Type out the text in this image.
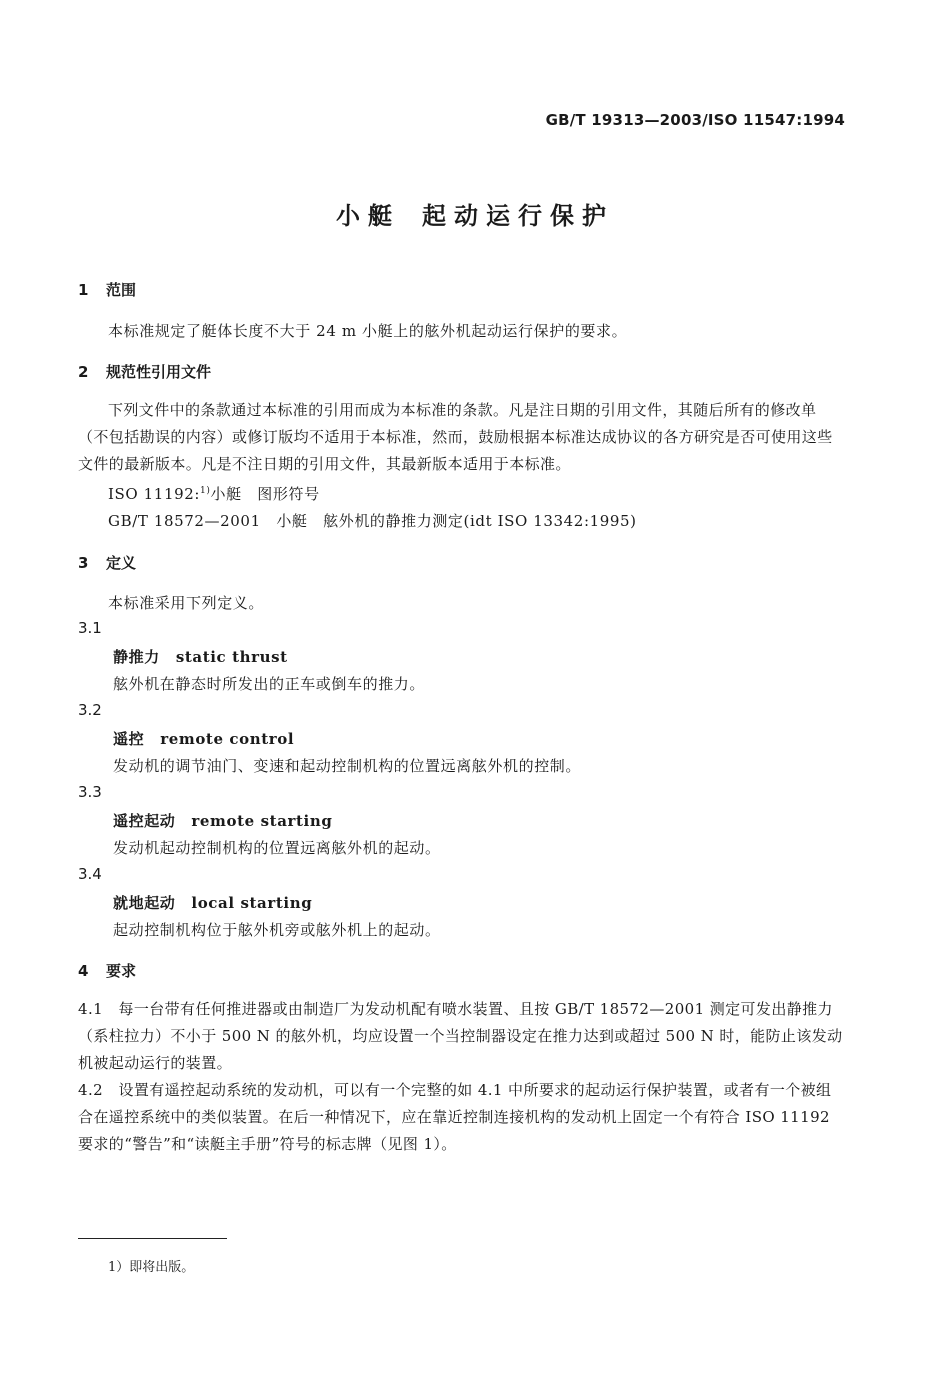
GB/T 19313—2003/ISO 11547:1994
小艇 起动运行保护
1 范围
本标准规定了艇体长度不大于 24 m 小艇上的舷外机起动运行保护的要求。
2 规范性引用文件
下列文件中的条款通过本标准的引用而成为本标准的条款。凡是注日期的引用文件，其随后所有的修改单（不包括勘误的内容）或修订版均不适用于本标准，然而，鼓励根据本标准达成协议的各方研究是否可使用这些文件的最新版本。凡是不注日期的引用文件，其最新版本适用于本标准。
ISO 11192:$^{1)}$小艇　图形符号
GB/T 18572—2001　小艇　舷外机的静推力测定(idt ISO 13342:1995)
3 定义
本标准采用下列定义。
3.1
静推力 static thrust
舷外机在静态时所发出的正车或倒车的推力。
3.2
遥控 remote control
发动机的调节油门、变速和起动控制机构的位置远离舷外机的控制。
3.3
遥控起动 remote starting
发动机起动控制机构的位置远离舷外机的起动。
3.4
就地起动 local starting
起动控制机构位于舷外机旁或舷外机上的起动。
4 要求
4.1　每一台带有任何推进器或由制造厂为发动机配有喷水装置、且按 GB/T 18572—2001 测定可发出静推力（系柱拉力）不小于 500 N 的舷外机，均应设置一个当控制器设定在推力达到或超过 500 N 时，能防止该发动机被起动运行的装置。
4.2　设置有遥控起动系统的发动机，可以有一个完整的如 4.1 中所要求的起动运行保护装置，或者有一个被组合在遥控系统中的类似装置。在后一种情况下，应在靠近控制连接机构的发动机上固定一个有符合 ISO 11192 要求的“警告”和“读艇主手册”符号的标志牌（见图 1）。
1）即将出版。
